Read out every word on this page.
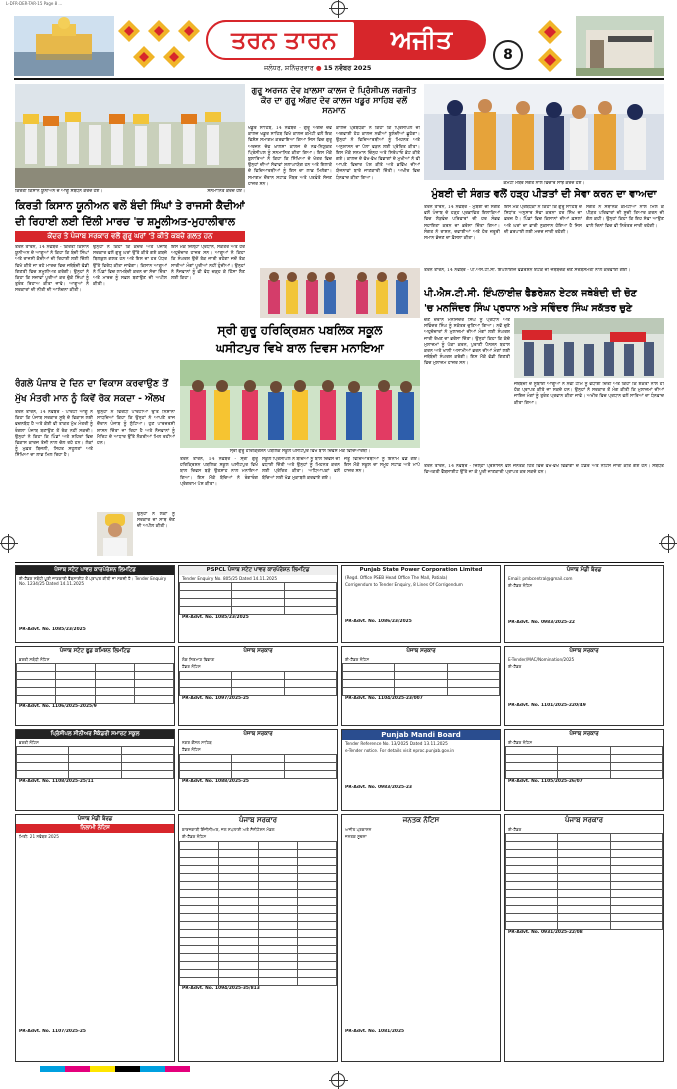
L-DFR-DER-TAR-15 Page 8 ...
ਤਰਨ ਤਾਰਨ	ਅਜੀਤ
ਜਲੰਧਰ, ਸ਼ਨਿੱਚਰਵਾਰ ● 15 ਨਵੰਬਰ 2025
8
ਕਿਰਤੀ ਕਿਸਾਨ ਯੂਨੀਅਨ ਦੇ ਆਗੂ ਸੰਬੋਧਨ ਕਰਦੇ ਹੋਏ।	ਸਨਮਾਨਿਤ ਕਰਦੇ ਹੋਏ।
ਗੁਰੂ ਅਰਜਨ ਦੇਵ ਖ਼ਾਲਸਾ ਕਾਲਜ ਦੇ ਪ੍ਰਿੰਸੀਪਲ ਜਗਜੀਤ ਕੌਰ ਦਾ ਗੁਰੂ ਅੰਗਦ ਦੇਵ ਕਾਲਜ ਖਡੂਰ ਸਾਹਿਬ ਵਲੋਂ ਸਨਮਾਨ
ਖਡੂਰ ਸਾਹਿਬ, 14 ਨਵੰਬਰ - ਗੁਰੂ ਅੰਗਦ ਦੇਵ ਕਾਲਜ ਖਡੂਰ ਸਾਹਿਬ ਵਿਖੇ ਕਾਲਜ ਕਮੇਟੀ ਵਲੋਂ ਇਕ ਵਿਸ਼ੇਸ਼ ਸਮਾਗਮ ਕਰਵਾਇਆ ਗਿਆ ਜਿਸ ਵਿਚ ਗੁਰੂ ਅਰਜਨ ਦੇਵ ਖ਼ਾਲਸਾ ਕਾਲਜ ਦੇ ਨਵ-ਨਿਯੁਕਤ ਪ੍ਰਿੰਸੀਪਲ ਨੂੰ ਸਨਮਾਨਿਤ ਕੀਤਾ ਗਿਆ। ਇਸ ਮੌਕੇ ਬੁਲਾਰਿਆਂ ਨੇ ਕਿਹਾ ਕਿ ਸਿੱਖਿਆ ਦੇ ਖੇਤਰ ਵਿਚ ਉਨ੍ਹਾਂ ਦੀਆਂ ਸੇਵਾਵਾਂ ਸ਼ਲਾਘਾਯੋਗ ਹਨ ਅਤੇ ਇਲਾਕੇ ਦੇ ਵਿਦਿਆਰਥੀਆਂ ਨੂੰ ਇਸ ਦਾ ਲਾਭ ਮਿਲੇਗਾ। ਸਮਾਗਮ ਦੌਰਾਨ ਸਟਾਫ਼ ਮੈਂਬਰ ਅਤੇ ਪਤਵੰਤੇ ਸੱਜਣ ਹਾਜ਼ਰ ਸਨ।
ਕਾਲਜ ਪ੍ਰਬੰਧਕਾਂ ਨੇ ਕਿਹਾ ਕਿ ਪ੍ਰਿੰਸੀਪਲ ਦੀ ਅਗਵਾਈ ਹੇਠ ਕਾਲਜ ਨਵੀਆਂ ਬੁਲੰਦੀਆਂ ਛੂਹੇਗਾ। ਉਨ੍ਹਾਂ ਨੇ ਵਿਦਿਆਰਥੀਆਂ ਨੂੰ ਮਿਹਨਤ ਅਤੇ ਅਨੁਸ਼ਾਸਨ ਦਾ ਪੱਲਾ ਫੜਨ ਲਈ ਪ੍ਰੇਰਿਤ ਕੀਤਾ। ਇਸ ਮੌਕੇ ਸਨਮਾਨ ਚਿੰਨ੍ਹ ਅਤੇ ਸਿਰੋਪਾਓ ਭੇਟ ਕੀਤੇ ਗਏ। ਕਾਲਜ ਦੇ ਵੱਖ-ਵੱਖ ਵਿਭਾਗਾਂ ਦੇ ਮੁਖੀਆਂ ਨੇ ਵੀ ਆਪਣੇ ਵਿਚਾਰ ਪੇਸ਼ ਕੀਤੇ ਅਤੇ ਭਵਿੱਖ ਦੀਆਂ ਯੋਜਨਾਵਾਂ ਬਾਰੇ ਜਾਣਕਾਰੀ ਦਿੱਤੀ। ਅਖੀਰ ਵਿਚ ਧੰਨਵਾਦ ਕੀਤਾ ਗਿਆ।
ਕਮੇਟੀ ਮੈਂਬਰ ਸੰਗਤ ਨਾਲ ਵਿਚਾਰ ਸਾਂਝੇ ਕਰਦੇ ਹੋਏ।
ਮੁੰਬਈ ਦੀ ਸੰਗਤ ਵਲੋਂ ਹੜ੍ਹ ਪੀੜਤਾਂ ਦੀ ਸੇਵਾ ਕਰਨ ਦਾ ਵਾਅਦਾ
ਤਰਨ ਤਾਰਨ, 14 ਨਵੰਬਰ - ਮੁੰਬਈ ਦੀ ਸੰਗਤ ਵਲੋਂ ਪੰਜਾਬ ਦੇ ਹੜ੍ਹ ਪ੍ਰਭਾਵਿਤ ਇਲਾਕਿਆਂ ਵਿਚ ਲੋੜਵੰਦ ਪਰਿਵਾਰਾਂ ਦੀ ਹਰ ਸੰਭਵ ਸਹਾਇਤਾ ਕਰਨ ਦਾ ਭਰੋਸਾ ਦਿੱਤਾ ਗਿਆ। ਸੰਗਤ ਨੇ ਰਾਸ਼ਨ, ਦਵਾਈਆਂ ਅਤੇ ਹੋਰ ਜ਼ਰੂਰੀ ਸਮਾਨ ਭੇਜਣ ਦਾ ਫ਼ੈਸਲਾ ਕੀਤਾ।
ਇਸ ਮੌਕੇ ਪ੍ਰਬੰਧਕਾਂ ਨੇ ਕਿਹਾ ਕਿ ਗੁਰੂ ਸਾਹਿਬ ਦੇ ਸਿਧਾਂਤ ਅਨੁਸਾਰ ਸੇਵਾ ਕਰਨਾ ਹਰ ਸਿੱਖ ਦਾ ਫ਼ਰਜ਼ ਹੈ। ਪਿੰਡਾਂ ਵਿਚ ਕਿਸਾਨਾਂ ਦੀਆਂ ਫ਼ਸਲਾਂ ਅਤੇ ਘਰਾਂ ਦਾ ਭਾਰੀ ਨੁਕਸਾਨ ਹੋਇਆ ਹੈ ਜਿਸ ਦੀ ਭਰਪਾਈ ਲਈ ਮਦਦ ਜਾਰੀ ਰਹੇਗੀ।
ਸੰਗਤ ਨੇ ਸਥਾਨਕ ਕਮੇਟੀਆਂ ਨਾਲ ਮਿਲ ਕੇ ਪੀੜਤ ਪਰਿਵਾਰਾਂ ਦੀ ਸੂਚੀ ਤਿਆਰ ਕਰਨ ਦੀ ਗੱਲ ਕਹੀ। ਉਨ੍ਹਾਂ ਕਿਹਾ ਕਿ ਇਹ ਸੇਵਾ ਆਉਣ ਵਾਲੇ ਦਿਨਾਂ ਵਿਚ ਵੀ ਨਿਰੰਤਰ ਜਾਰੀ ਰਹੇਗੀ।
ਕਿਰਤੀ ਕਿਸਾਨ ਯੂਨੀਅਨ ਵਲੋਂ ਬੰਦੀ ਸਿੰਘਾਂ ਤੇ ਰਾਜਸੀ ਕੈਦੀਆਂ
ਦੀ ਰਿਹਾਈ ਲਈ ਦਿੱਲੀ ਮਾਰਚ 'ਚ ਸ਼ਮੂਲੀਅਤ-ਮੁਹਾਲੀਵਾਲ
ਕੇਂਦਰ ਤੇ ਪੰਜਾਬ ਸਰਕਾਰ ਵਲੋਂ ਗੁਰੂ ਘਰਾਂ 'ਤੇ ਕੀਤੇ ਕਬਜ਼ੇ ਗਲਤ ਹਨ
ਤਰਨ ਤਾਰਨ, 14 ਨਵੰਬਰ - ਕਿਰਤੀ ਕਿਸਾਨ ਯੂਨੀਅਨ ਦੇ ਆਗੂਆਂ ਨੇ ਕਿਹਾ ਕਿ ਬੰਦੀ ਸਿੰਘਾਂ ਅਤੇ ਰਾਜਸੀ ਕੈਦੀਆਂ ਦੀ ਰਿਹਾਈ ਲਈ ਦਿੱਲੀ ਵਿਖੇ ਕੀਤੇ ਜਾ ਰਹੇ ਮਾਰਚ ਵਿਚ ਜਥੇਬੰਦੀ ਵੱਡੀ ਗਿਣਤੀ ਵਿਚ ਸ਼ਮੂਲੀਅਤ ਕਰੇਗੀ। ਉਨ੍ਹਾਂ ਨੇ ਕਿਹਾ ਕਿ ਸਜ਼ਾਵਾਂ ਪੂਰੀਆਂ ਕਰ ਚੁੱਕੇ ਸਿੰਘਾਂ ਨੂੰ ਤੁਰੰਤ ਰਿਹਾਅ ਕੀਤਾ ਜਾਵੇ। ਆਗੂਆਂ ਨੇ ਸਰਕਾਰਾਂ ਦੀ ਨੀਤੀ ਦੀ ਆਲੋਚਨਾ ਕੀਤੀ।
ਉਨ੍ਹਾਂ ਨੇ ਕਿਹਾ ਕਿ ਕੇਂਦਰ ਅਤੇ ਪੰਜਾਬ ਸਰਕਾਰ ਵਲੋਂ ਗੁਰੂ ਘਰਾਂ ਉੱਤੇ ਕੀਤੇ ਗਏ ਕਬਜ਼ੇ ਬਿਲਕੁਲ ਗਲਤ ਹਨ ਅਤੇ ਇਸ ਦਾ ਹਰ ਪੱਧਰ ਉੱਤੇ ਵਿਰੋਧ ਕੀਤਾ ਜਾਵੇਗਾ। ਕਿਸਾਨ ਆਗੂਆਂ ਨੇ ਪਿੰਡਾਂ ਵਿਚ ਲਾਮਬੰਦੀ ਕਰਨ ਦਾ ਸੱਦਾ ਦਿੱਤਾ ਅਤੇ ਮਾਰਚ ਨੂੰ ਸਫ਼ਲ ਬਣਾਉਣ ਦੀ ਅਪੀਲ ਕੀਤੀ।
ਇਸ ਮੌਕੇ ਜ਼ਿਲ੍ਹਾ ਪ੍ਰਧਾਨ, ਸਕੱਤਰ ਅਤੇ ਹੋਰ ਅਹੁਦੇਦਾਰ ਹਾਜ਼ਰ ਸਨ। ਆਗੂਆਂ ਨੇ ਕਿਹਾ ਕਿ ਸੰਘਰਸ਼ ਉਦੋਂ ਤੱਕ ਜਾਰੀ ਰਹੇਗਾ ਜਦੋਂ ਤੱਕ ਸਾਰੀਆਂ ਮੰਗਾਂ ਪੂਰੀਆਂ ਨਹੀਂ ਹੁੰਦੀਆਂ। ਉਨ੍ਹਾਂ ਨੇ ਨੌਜਵਾਨਾਂ ਨੂੰ ਵੀ ਵੱਧ ਚੜ੍ਹ ਕੇ ਹਿੱਸਾ ਲੈਣ ਲਈ ਕਿਹਾ।
ਤਰਨ ਤਾਰਨ, 14 ਨਵੰਬਰ - ਪੀ.ਐਸ.ਟੀ.ਸੀ. ਇੰਪਲਾਈਜ਼ ਫੈਡਰੇਸ਼ਨ ਏਟਕ ਦੀ ਜਥੇਬੰਦਕ ਚੋਣ ਸਰਬਸੰਮਤੀ ਨਾਲ ਕਰਵਾਈ ਗਈ।
ਪੀ.ਐਸ.ਟੀ.ਸੀ. ਇੰਪਲਾਈਜ਼ ਫੈਡਰੇਸ਼ਨ ਏਟਕ ਜਥੇਬੰਦੀ ਦੀ ਚੋਣ
'ਚ ਮਨਜਿੰਦਰ ਸਿੰਘ ਪ੍ਰਧਾਨ ਅਤੇ ਸਵਿੰਦਰ ਸਿੰਘ ਸਕੱਤਰ ਚੁਣੇ
ਸ੍ਰੀ ਗੁਰੂ ਹਰਿਕ੍ਰਿਸ਼ਨ ਪਬਲਿਕ ਸਕੂਲ
ਘਸੀਟਪੁਰ ਵਿਖੇ ਬਾਲ ਦਿਵਸ ਮਨਾਇਆ
ਸ੍ਰੀ ਗੁਰੂ ਹਰਿਕ੍ਰਿਸ਼ਨ ਪਬਲਿਕ ਸਕੂਲ ਘਸੀਟਪੁਰ ਵਿਖੇ ਬਾਲ ਦਿਵਸ ਮੌਕੇ ਵਿਦਿਆਰਥੀ।
ਤਰਨ ਤਾਰਨ, 14 ਨਵੰਬਰ - ਸ੍ਰੀ ਗੁਰੂ ਹਰਿਕ੍ਰਿਸ਼ਨ ਪਬਲਿਕ ਸਕੂਲ ਘਸੀਟਪੁਰ ਵਿਖੇ ਬਾਲ ਦਿਵਸ ਬੜੇ ਉਤਸ਼ਾਹ ਨਾਲ ਮਨਾਇਆ ਗਿਆ। ਇਸ ਮੌਕੇ ਬੱਚਿਆਂ ਨੇ ਰੰਗਾਰੰਗ ਪ੍ਰੋਗਰਾਮ ਪੇਸ਼ ਕੀਤਾ।
ਸਕੂਲ ਪ੍ਰਿੰਸੀਪਲ ਨੇ ਬੱਚਿਆਂ ਨੂੰ ਬਾਲ ਦਿਵਸ ਦੀ ਵਧਾਈ ਦਿੱਤੀ ਅਤੇ ਉਨ੍ਹਾਂ ਨੂੰ ਮਿਹਨਤ ਕਰਨ ਲਈ ਪ੍ਰੇਰਿਤ ਕੀਤਾ। ਅਧਿਆਪਕਾਂ ਵਲੋਂ ਬੱਚਿਆਂ ਲਈ ਖੇਡ ਮੁਕਾਬਲੇ ਕਰਵਾਏ ਗਏ।
ਜੇਤੂ ਵਿਦਿਆਰਥੀਆਂ ਨੂੰ ਇਨਾਮ ਵੰਡੇ ਗਏ। ਇਸ ਮੌਕੇ ਸਕੂਲ ਦਾ ਸਮੂਹ ਸਟਾਫ਼ ਅਤੇ ਮਾਪੇ ਹਾਜ਼ਰ ਸਨ।
ਚੋਣ ਦੌਰਾਨ ਮਨਜਿੰਦਰ ਸਿੰਘ ਨੂੰ ਪ੍ਰਧਾਨ ਅਤੇ ਸਵਿੰਦਰ ਸਿੰਘ ਨੂੰ ਸਕੱਤਰ ਚੁਣਿਆ ਗਿਆ। ਨਵੇਂ ਚੁਣੇ ਅਹੁਦੇਦਾਰਾਂ ਨੇ ਮੁਲਾਜ਼ਮਾਂ ਦੀਆਂ ਮੰਗਾਂ ਲਈ ਸੰਘਰਸ਼ ਜਾਰੀ ਰੱਖਣ ਦਾ ਭਰੋਸਾ ਦਿੱਤਾ। ਉਨ੍ਹਾਂ ਕਿਹਾ ਕਿ ਕੱਚੇ ਮੁਲਾਜ਼ਮਾਂ ਨੂੰ ਪੱਕਾ ਕਰਨ, ਪੁਰਾਣੀ ਪੈਨਸ਼ਨ ਬਹਾਲ ਕਰਨ ਅਤੇ ਖਾਲੀ ਅਸਾਮੀਆਂ ਭਰਨ ਦੀਆਂ ਮੰਗਾਂ ਲਈ ਜਥੇਬੰਦੀ ਸੰਘਰਸ਼ ਕਰੇਗੀ। ਇਸ ਮੌਕੇ ਵੱਡੀ ਗਿਣਤੀ ਵਿਚ ਮੁਲਾਜ਼ਮ ਹਾਜ਼ਰ ਸਨ।
ਜਥੇਬੰਦੀ ਦੇ ਸੂਬਾਈ ਆਗੂਆਂ ਨੇ ਨਵੀਂ ਟੀਮ ਨੂੰ ਵਧਾਈ ਦਿੱਤੀ ਅਤੇ ਕਿਹਾ ਕਿ ਏਕਤਾ ਨਾਲ ਹੀ ਹੱਕ ਪ੍ਰਾਪਤ ਕੀਤੇ ਜਾ ਸਕਦੇ ਹਨ। ਉਨ੍ਹਾਂ ਨੇ ਸਰਕਾਰ ਤੋਂ ਮੰਗ ਕੀਤੀ ਕਿ ਮੁਲਾਜ਼ਮਾਂ ਦੀਆਂ ਜਾਇਜ਼ ਮੰਗਾਂ ਨੂੰ ਤੁਰੰਤ ਪ੍ਰਵਾਨ ਕੀਤਾ ਜਾਵੇ। ਅਖੀਰ ਵਿਚ ਪ੍ਰਧਾਨ ਵਲੋਂ ਸਾਰਿਆਂ ਦਾ ਧੰਨਵਾਦ ਕੀਤਾ ਗਿਆ।
ਰੰਗਲੇ ਪੰਜਾਬ ਦੇ ਦਿਨ ਦਾ ਵਿਕਾਸ ਕਰਵਾਉਣ ਤੋਂ
ਮੁੱਖ ਮੰਤਰੀ ਮਾਨ ਨੂੰ ਕਿਵੇਂ ਰੋਕ ਸਕਦਾ - ਔਲਖ
ਤਰਨ ਤਾਰਨ, 14 ਨਵੰਬਰ - ਪਾਰਟੀ ਆਗੂ ਨੇ ਕਿਹਾ ਕਿ ਪੰਜਾਬ ਸਰਕਾਰ ਸੂਬੇ ਦੇ ਵਿਕਾਸ ਲਈ ਵਚਨਬੱਧ ਹੈ ਅਤੇ ਕੋਈ ਵੀ ਤਾਕਤ ਮੁੱਖ ਮੰਤਰੀ ਨੂੰ ਰੰਗਲਾ ਪੰਜਾਬ ਬਣਾਉਣ ਤੋਂ ਰੋਕ ਨਹੀਂ ਸਕਦੀ। ਉਨ੍ਹਾਂ ਨੇ ਕਿਹਾ ਕਿ ਪਿੰਡਾਂ ਅਤੇ ਸ਼ਹਿਰਾਂ ਵਿਚ ਵਿਕਾਸ ਕਾਰਜ ਤੇਜ਼ੀ ਨਾਲ ਚੱਲ ਰਹੇ ਹਨ। ਲੋਕਾਂ ਨੂੰ ਮੁਫ਼ਤ ਬਿਜਲੀ, ਸਿਹਤ ਸਹੂਲਤਾਂ ਅਤੇ ਸਿੱਖਿਆ ਦਾ ਲਾਭ ਮਿਲ ਰਿਹਾ ਹੈ।
ਉਨ੍ਹਾਂ ਨੇ ਵਿਰੋਧੀ ਪਾਰਟੀਆਂ ਉੱਤੇ ਨਿਸ਼ਾਨਾ ਸਾਧਦਿਆਂ ਕਿਹਾ ਕਿ ਉਨ੍ਹਾਂ ਨੇ ਆਪਣੇ ਰਾਜ ਦੌਰਾਨ ਪੰਜਾਬ ਨੂੰ ਲੁੱਟਿਆ। ਹੁਣ ਪਾਰਦਰਸ਼ੀ ਸ਼ਾਸਨ ਦਿੱਤਾ ਜਾ ਰਿਹਾ ਹੈ ਅਤੇ ਨੌਜਵਾਨਾਂ ਨੂੰ ਮੈਰਿਟ ਦੇ ਆਧਾਰ ਉੱਤੇ ਨੌਕਰੀਆਂ ਮਿਲ ਰਹੀਆਂ ਹਨ।
ਉਨ੍ਹਾਂ ਨੇ ਲੋਕਾਂ ਨੂੰ ਸਰਕਾਰ ਦਾ ਸਾਥ ਦੇਣ ਦੀ ਅਪੀਲ ਕੀਤੀ।
ਤਰਨ ਤਾਰਨ, 14 ਨਵੰਬਰ - ਜ਼ਿਲ੍ਹਾ ਪ੍ਰਸ਼ਾਸਨ ਵਲੋਂ ਜਨਤਕ ਹਿੱਤ ਵਿਚ ਵੱਖ-ਵੱਖ ਵਿਭਾਗਾਂ ਦੇ ਟੈਂਡਰ ਅਤੇ ਨੋਟਿਸ ਜਾਰੀ ਕੀਤੇ ਗਏ ਹਨ। ਸਬੰਧਤ ਵਿਅਕਤੀ ਵੈੱਬਸਾਈਟ ਉੱਤੇ ਜਾ ਕੇ ਪੂਰੀ ਜਾਣਕਾਰੀ ਪ੍ਰਾਪਤ ਕਰ ਸਕਦੇ ਹਨ।
ਪੰਜਾਬ ਸਟੇਟ ਪਾਵਰ ਕਾਰਪੋਰੇਸ਼ਨ ਲਿਮਟਿਡ
ਈ-ਟੈਂਡਰ ਸਬੰਧੀ ਪੂਰੀ ਜਾਣਕਾਰੀ ਵੈੱਬਸਾਈਟ ਤੋਂ ਪ੍ਰਾਪਤ ਕੀਤੀ ਜਾ ਸਕਦੀ ਹੈ। Tender Enquiry No. 1234/25 Dated 14.11.2025
PR-Advt. No. 1085/23/2025
PSPCL ਪੰਜਾਬ ਸਟੇਟ ਪਾਵਰ ਕਾਰਪੋਰੇਸ਼ਨ ਲਿਮਟਿਡ
Tender Enquiry No. 805/25 Dated 14.11.2025

PR-Advt. No. 1085/23/2025
Punjab State Power Corporation Limited
(Regd. Office PSEB Head Office The Mall, Patiala)
Corrigendum to Tender Enquiry, 8 Lines Of Corrigendum
PR-Advt. No. 1086/23/2025
ਪੰਜਾਬ ਮੰਡੀ ਬੋਰਡ
Email: pmbcentral@gmail.com
ਈ-ਟੈਂਡਰ ਨੋਟਿਸ
PR-Advt. No. 0983/2025-22
ਪੰਜਾਬ ਸਟੇਟ ਫੂਡ ਕਮਿਸ਼ਨ ਲਿਮਟਿਡ
ਭਰਤੀ ਸਬੰਧੀ ਨੋਟਿਸ

PR-Advt. No. 1106/2025-2025/9
ਪੰਜਾਬ ਸਰਕਾਰ
ਲੋਕ ਨਿਰਮਾਣ ਵਿਭਾਗ
ਟੈਂਡਰ ਨੋਟਿਸ

PR-Advt. No. 1097/2025-25
ਪੰਜਾਬ ਸਰਕਾਰ
ਈ-ਟੈਂਡਰ ਨੋਟਿਸ

PR-Advt. No. 1104/2025-23/007
ਪੰਜਾਬ ਸਰਕਾਰ
E-Tender/MAC/Nomination/2025
ਈ-ਟੈਂਡਰ
PR-Advt. No. 1101/2025-220/49
ਪ੍ਰਿੰਸੀਪਲ ਸੀਨੀਅਰ ਸੈਕੰਡਰੀ ਸਮਾਰਟ ਸਕੂਲ
ਭਰਤੀ ਨੋਟਿਸ

PR-Advt. No. 1108/2025-25/11
ਪੰਜਾਬ ਸਰਕਾਰ
ਨਗਰ ਕੌਂਸਲ ਸਾਹਿਬ
ਟੈਂਡਰ ਨੋਟਿਸ

PR-Advt. No. 1088/2025-25
Punjab Mandi Board
Tender Reference No. 13/2025 Dated 13.11.2025
e-Tender notice. For details visit eproc.punjab.gov.in
PR-Advt. No. 0983/2025-23
ਪੰਜਾਬ ਸਰਕਾਰ
ਈ-ਟੈਂਡਰ ਨੋਟਿਸ

PR-Advt. No. 1105/2025-26/07
ਪੰਜਾਬ ਮੰਡੀ ਬੋਰਡ
ਨਿਲਾਮੀ ਨੋਟਿਸ
ਮਿਤੀ: 21 ਨਵੰਬਰ 2025
PR-Advt. No. 1107/2025-25
ਪੰਜਾਬ ਸਰਕਾਰ
ਕਾਰਜਕਾਰੀ ਇੰਜੀਨੀਅਰ, ਜਲ ਸਪਲਾਈ ਅਤੇ ਸੈਨੀਟੇਸ਼ਨ ਮੰਡਲ
ਈ-ਟੈਂਡਰ ਨੋਟਿਸ

PR-Advt. No. 1094/2025-35/813
ਜਨਤਕ ਨੋਟਿਸ
ਅਜੀਤ ਪ੍ਰਕਾਸ਼ਨ
ਜਨਤਕ ਸੂਚਨਾ
PR-Advt. No. 1081/2025
ਪੰਜਾਬ ਸਰਕਾਰ
ਈ-ਟੈਂਡਰ

PR-Advt. No. 0931/2025-22/08
